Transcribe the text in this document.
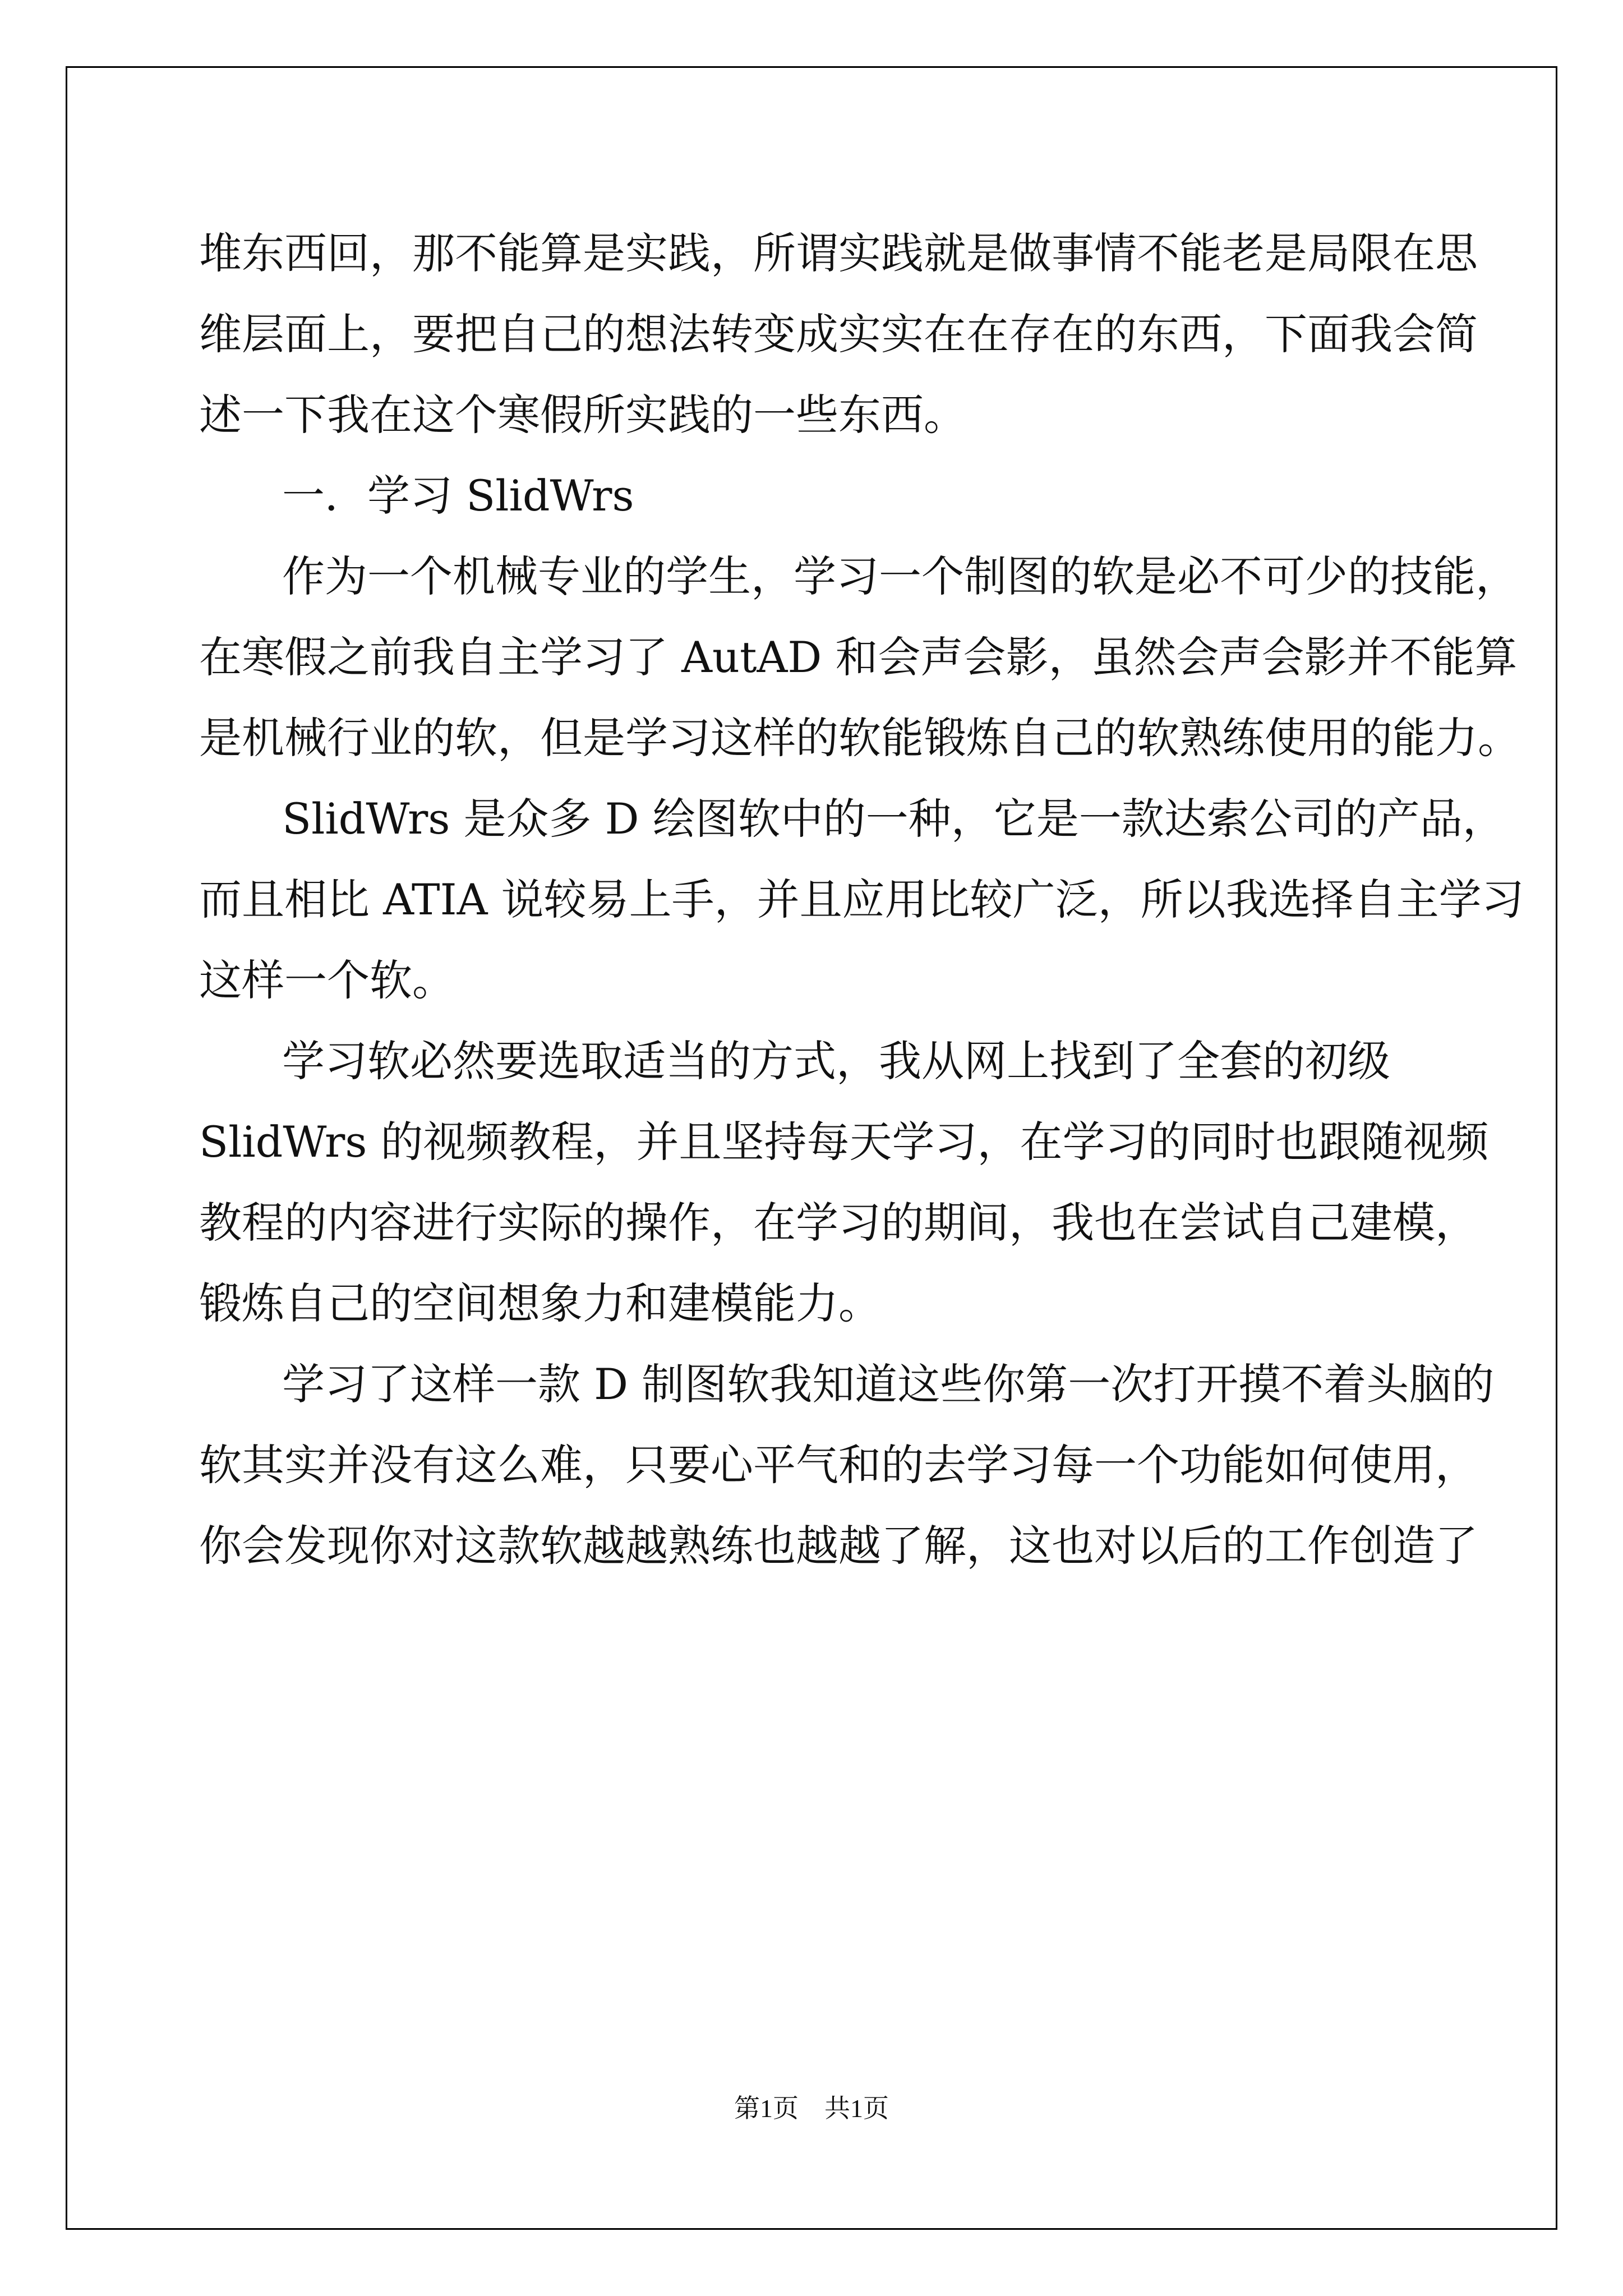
堆东西回，那不能算是实践，所谓实践就是做事情不能老是局限在思
维层面上，要把自己的想法转变成实实在在存在的东西，下面我会简
述一下我在这个寒假所实践的一些东西。
一．学习 SlidWrs
作为一个机械专业的学生，学习一个制图的软是必不可少的技能，
在寒假之前我自主学习了 AutAD 和会声会影，虽然会声会影并不能算
是机械行业的软，但是学习这样的软能锻炼自己的软熟练使用的能力。
SlidWrs 是众多 D 绘图软中的一种，它是一款达索公司的产品，
而且相比 ATIA 说较易上手，并且应用比较广泛，所以我选择自主学习
这样一个软。
学习软必然要选取适当的方式，我从网上找到了全套的初级
SlidWrs 的视频教程，并且坚持每天学习，在学习的同时也跟随视频
教程的内容进行实际的操作，在学习的期间，我也在尝试自己建模，
锻炼自己的空间想象力和建模能力。
学习了这样一款 D 制图软我知道这些你第一次打开摸不着头脑的
软其实并没有这么难，只要心平气和的去学习每一个功能如何使用，
你会发现你对这款软越越熟练也越越了解，这也对以后的工作创造了
第1页 共1页
